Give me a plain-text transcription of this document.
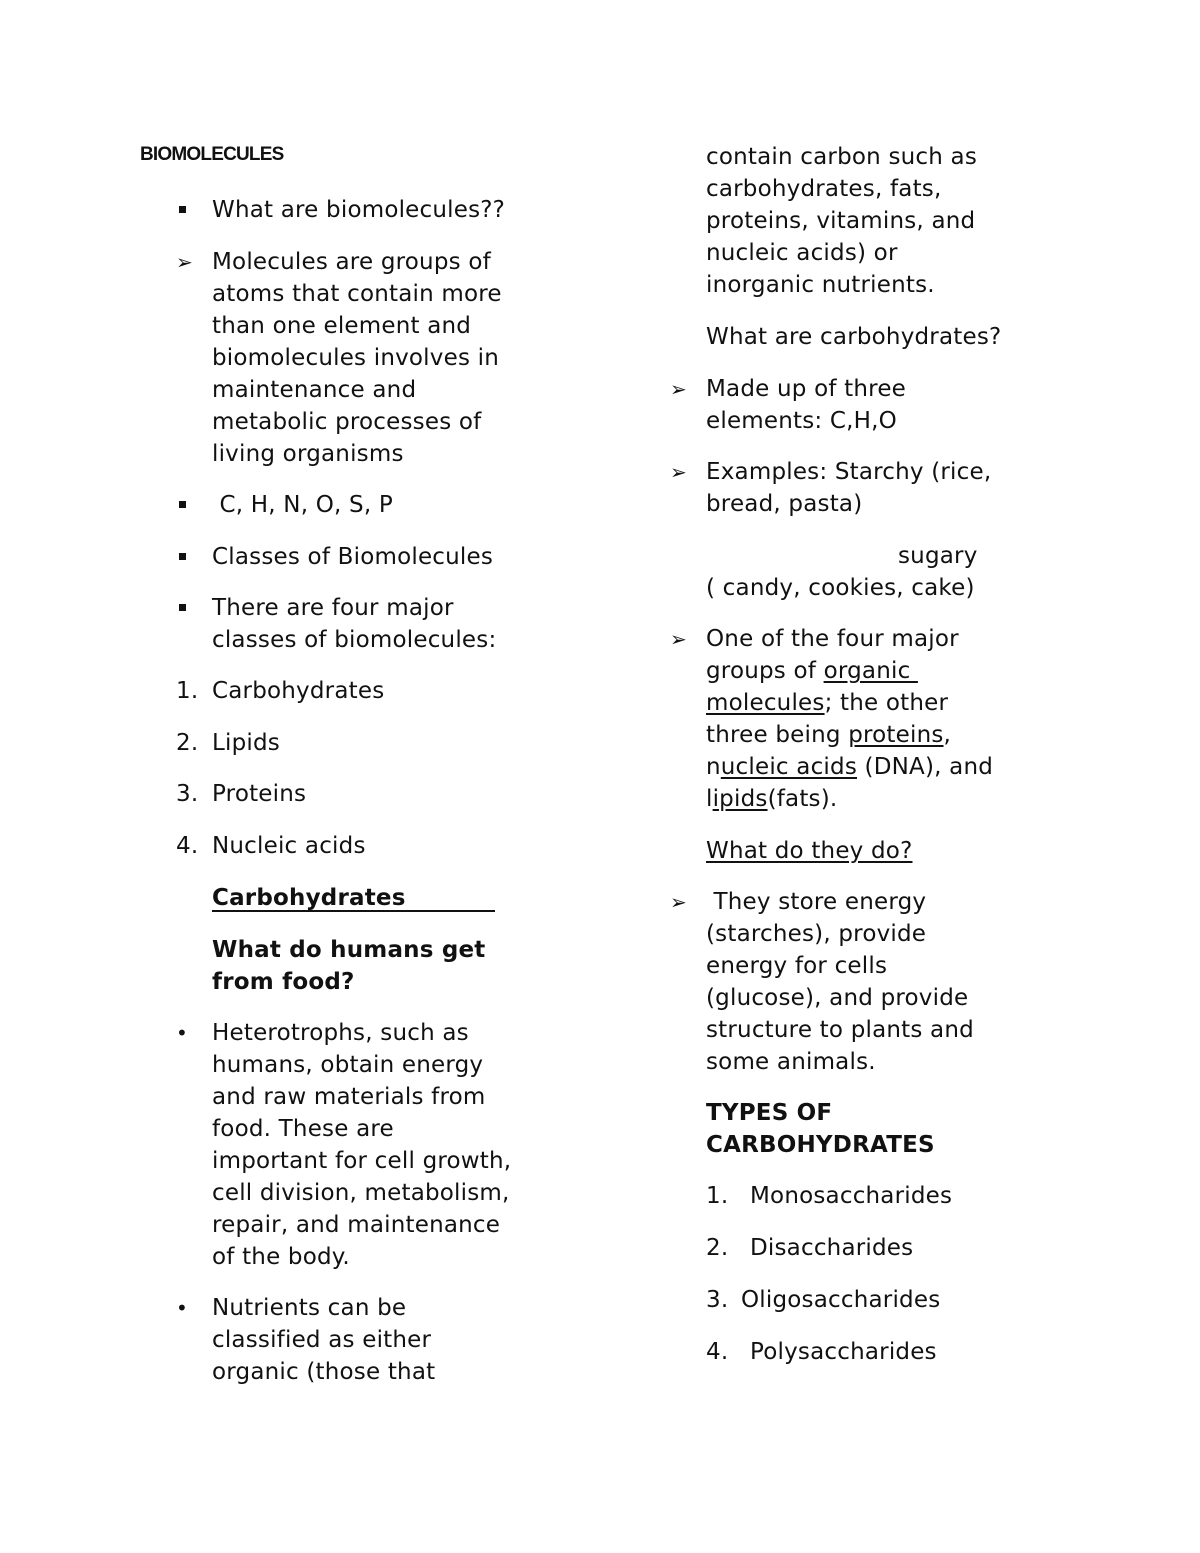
BIOMOLECULES
What are biomolecules??
➢ Molecules are groups of
atoms that contain more
than one element and
biomolecules involves in
maintenance and
metabolic processes of
living organisms
C, H, N, O, S, P
Classes of Biomolecules
There are four major
classes of biomolecules:
1. Carbohydrates
2. Lipids
3. Proteins
4. Nucleic acids
Carbohydrates
What do humans get
from food?
• Heterotrophs, such as
humans, obtain energy
and raw materials from
food. These are
important for cell growth,
cell division, metabolism,
repair, and maintenance
of the body.
• Nutrients can be
classified as either
organic (those that
contain carbon such as
carbohydrates, fats,
proteins, vitamins, and
nucleic acids) or
inorganic nutrients.
What are carbohydrates?
➢ Made up of three
elements: C,H,O
➢ Examples: Starchy (rice,
bread, pasta)
sugary
( candy, cookies, cake)
➢ One of the four major
groups of organic
molecules; the other
three being proteins,
nucleic acids (DNA), and
lipids(fats).
What do they do?
➢	They store energy
(starches), provide
energy for cells
(glucose), and provide
structure to plants and
some animals.
TYPES OF
CARBOHYDRATES
1. Monosaccharides
2. Disaccharides
3. Oligosaccharides
4. Polysaccharides
